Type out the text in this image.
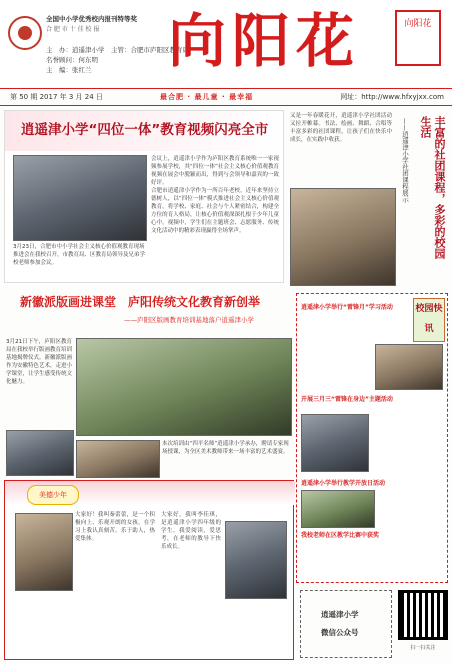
全国中小学优秀校内报刊特等奖
合 肥 市 十 佳 校 报
主　办：逍遥津小学　主管：合肥市庐阳区教育局
名誉顾问：何东明
主　编：张红兰	向阳花	向阳花
第 50 期 2017 年 3 月 24 日	最合肥 · 最儿童 · 最幸福	网址：http://www.hfxyjxx.com
逍遥津小学“四位一体”教育视频闪亮全市
3月23日，合肥市中小学社会主义核心价值观教育现场推进会在我校召开，市教育局、区教育局领导及兄弟学校老师参加会议。
会议上，逍遥津小学作为庐阳区教育系统唯一一家视频参展学校，其“四位一体”社会主义核心价值观教育视频在展会中脱颖而出，得到与会领导和嘉宾的一致好评。
合肥市逍遥津小学作为一所百年老校，近年来坚持立德树人，以“四位一体”模式推进社会主义核心价值观教育，将学校、家庭、社会与个人紧密结合，构建全方位的育人格局，让核心价值观深深扎根于少年儿童心中。视频中，学生们在主题班会、志愿服务、传统文化活动中的精彩表现赢得全场掌声。
又是一年春暖花开，逍遥津小学社团活动又拉开帷幕。书法、绘画、舞蹈、合唱等丰富多彩的社团课程，让孩子们在快乐中成长，在实践中收获。	——逍遥津小学社团课程展示	丰富的社团课程，多彩的校园生活
新徽派版画进课堂　庐阳传统文化教育新创举
——庐阳区版画教育培训基地落户逍遥津小学
3月21日下午，庐阳区教育局在我校举行版画教育培训基地揭牌仪式。新徽派版画作为安徽特色艺术，走进小学课堂，让学生感受传统文化魅力。
本次培训由“四平名师”逍遥津小学承办，聘请专家现场授课，为全区美术教师带来一场丰富的艺术盛宴。
校园快讯
逍遥津小学举行“雷锋月”学习活动
开展三月三“雷锋在身边”主题活动
逍遥津小学举行教学开放日活动
我校老师在区教学比赛中获奖
美德少年
大家好！我叫秦蕾蕾，是一个积极向上、乐观开朗的女孩。在学习上我认真刻苦，乐于助人，热爱集体。
大家好，我叫李佳琪，是逍遥津小学四年级的学生。我爱阅读，爱思考，在老师的教导下快乐成长。
逍遥津小学
微信公众号
扫一扫关注
